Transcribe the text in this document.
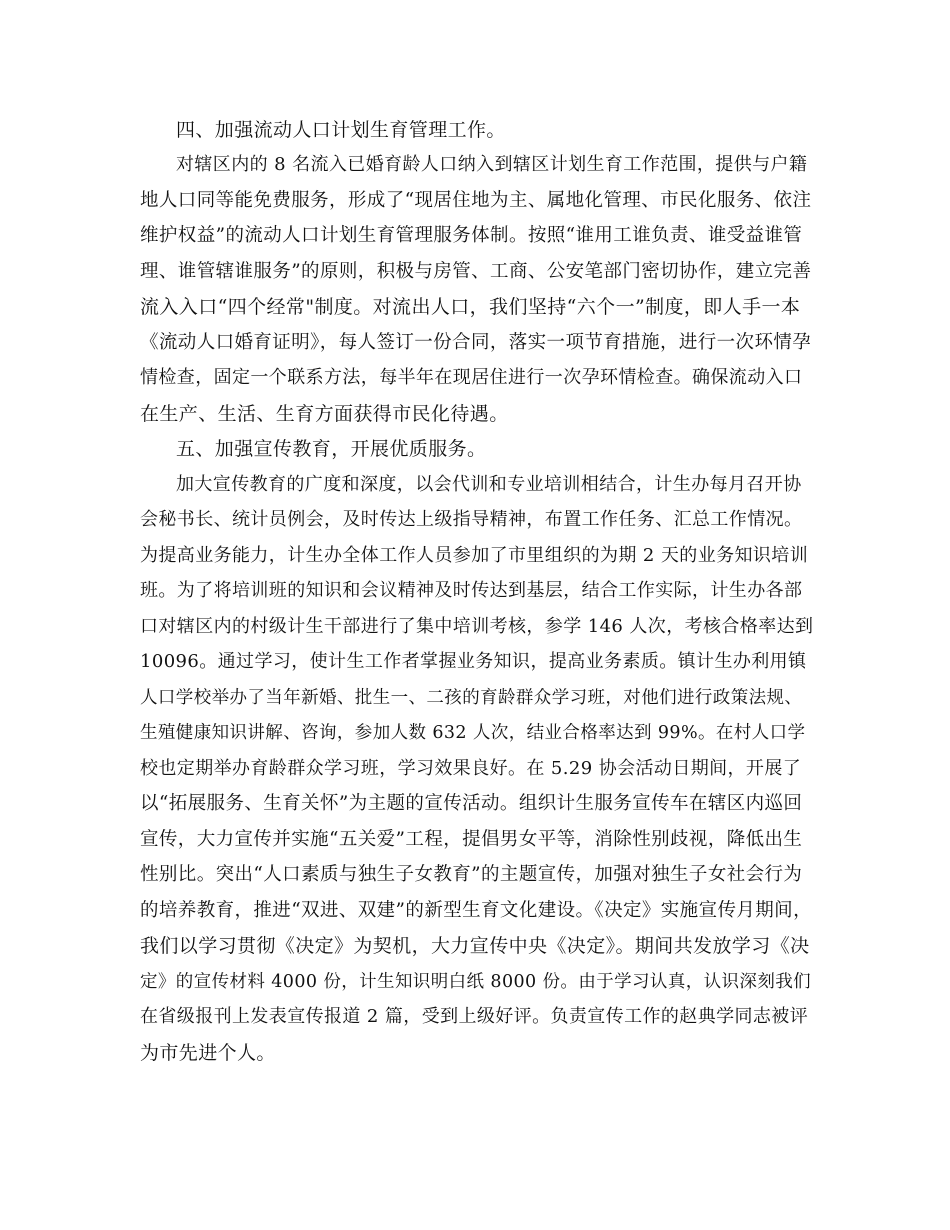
四、加强流动人口计划生育管理工作。
对辖区内的 8 名流入已婚育龄人口纳入到辖区计划生育工作范围，提供与户籍
地人口同等能免费服务，形成了“现居住地为主、属地化管理、市民化服务、依注
维护权益”的流动人口计划生育管理服务体制。按照“谁用工谁负责、谁受益谁管
理、谁管辖谁服务”的原则，积极与房管、工商、公安笔部门密切协作，建立完善
流入入口“四个经常"制度。对流出人口，我们坚持“六个一”制度，即人手一本
《流动人口婚育证明》，每人签订一份合同，落实一项节育措施，进行一次环情孕
情检查，固定一个联系方法，每半年在现居住进行一次孕环情检查。确保流动入口
在生产、生活、生育方面获得市民化待遇。
五、加强宣传教育，开展优质服务。
加大宣传教育的广度和深度，以会代训和专业培训相结合，计生办每月召开协
会秘书长、统计员例会，及时传达上级指导精神，布置工作任务、汇总工作情况。
为提高业务能力，计生办全体工作人员参加了市里组织的为期 2 天的业务知识培训
班。为了将培训班的知识和会议精神及时传达到基层，结合工作实际，计生办各部
口对辖区内的村级计生干部进行了集中培训考核，参学 146 人次，考核合格率达到
10096。通过学习，使计生工作者掌握业务知识，提高业务素质。镇计生办利用镇
人口学校举办了当年新婚、批生一、二孩的育龄群众学习班，对他们进行政策法规、
生殖健康知识讲解、咨询，参加人数 632 人次，结业合格率达到 99%。在村人口学
校也定期举办育龄群众学习班，学习效果良好。在 5.29 协会活动日期间，开展了
以“拓展服务、生育关怀”为主题的宣传活动。组织计生服务宣传车在辖区内巡回
宣传，大力宣传并实施“五关爱”工程，提倡男女平等，消除性别歧视，降低出生
性别比。突出“人口素质与独生子女教育”的主题宣传，加强对独生子女社会行为
的培养教育，推进“双进、双建”的新型生育文化建设。《决定》实施宣传月期间，
我们以学习贯彻《决定》为契机，大力宣传中央《决定》。期间共发放学习《决
定》的宣传材料 4000 份，计生知识明白纸 8000 份。由于学习认真，认识深刻我们
在省级报刊上发表宣传报道 2 篇，受到上级好评。负责宣传工作的赵典学同志被评
为市先进个人。
